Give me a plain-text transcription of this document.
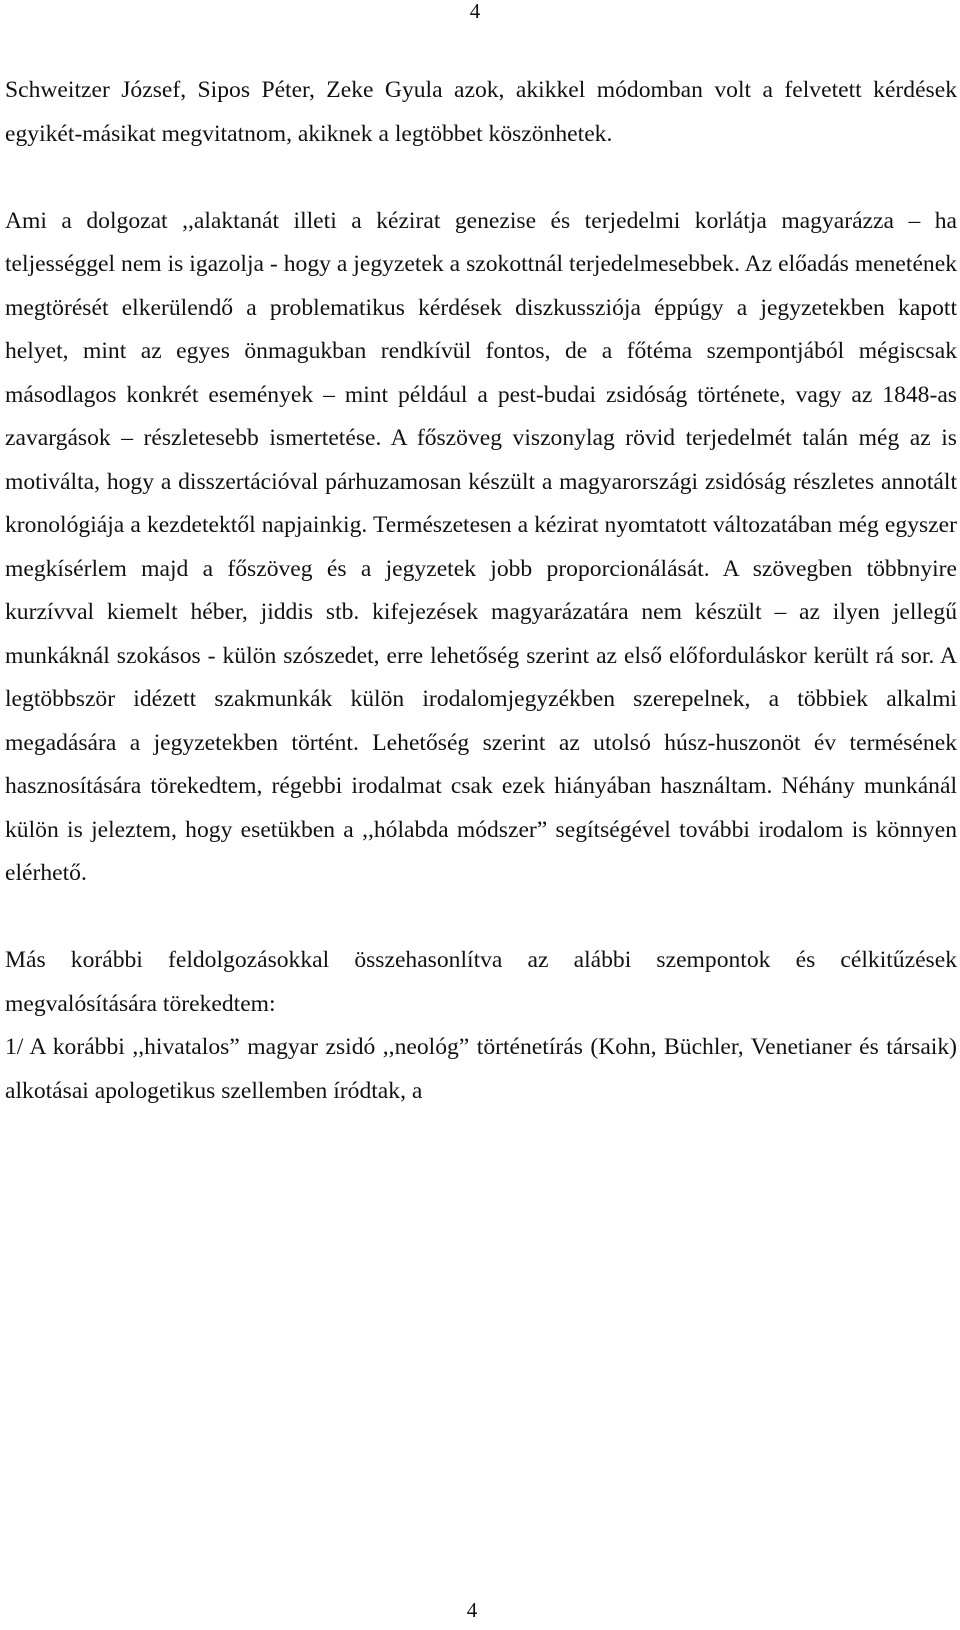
4

Schweitzer József, Sipos Péter, Zeke Gyula azok, akikkel módomban volt a felvetett kérdések egyikét-másikat megvitatnom, akiknek a legtöbbet köszönhetek.

Ami a dolgozat ,,alaktanát illeti a kézirat genezise és terjedelmi korlátja magyarázza – ha teljességgel nem is igazolja - hogy a jegyzetek a szokottnál terjedelmesebbek. Az előadás menetének megtörését elkerülendő a problematikus kérdések diszkussziója éppúgy a jegyzetekben kapott helyet, mint az egyes önmagukban rendkívül fontos, de a főtéma szempontjából mégiscsak másodlagos konkrét események – mint például a pest-budai zsidóság története, vagy az 1848-as zavargások – részletesebb ismertetése. A főszöveg viszonylag rövid terjedelmét talán még az is motiválta, hogy a disszertációval párhuzamosan készült a magyarországi zsidóság részletes annotált kronológiája a kezdetektől napjainkig. Természetesen a kézirat nyomtatott változatában még egyszer megkísérlem majd a főszöveg és a jegyzetek jobb proporcionálását. A szövegben többnyire kurzívval kiemelt héber, jiddis stb. kifejezések magyarázatára nem készült – az ilyen jellegű munkáknál szokásos - külön szószedet, erre lehetőség szerint az első előforduláskor került rá sor. A legtöbbször idézett szakmunkák külön irodalomjegyzékben szerepelnek, a többiek alkalmi megadására a jegyzetekben történt. Lehetőség szerint az utolsó húsz-huszonöt év termésének hasznosítására törekedtem, régebbi irodalmat csak ezek hiányában használtam. Néhány munkánál külön is jeleztem, hogy esetükben a ,,hólabda módszer” segítségével további irodalom is könnyen elérhető.

Más korábbi feldolgozásokkal összehasonlítva az alábbi szempontok és célkitűzések megvalósítására törekedtem:

1/ A korábbi ,,hivatalos” magyar zsidó ,,neológ” történetírás (Kohn, Büchler, Venetianer és társaik) alkotásai apologetikus szellemben íródtak, a

4
